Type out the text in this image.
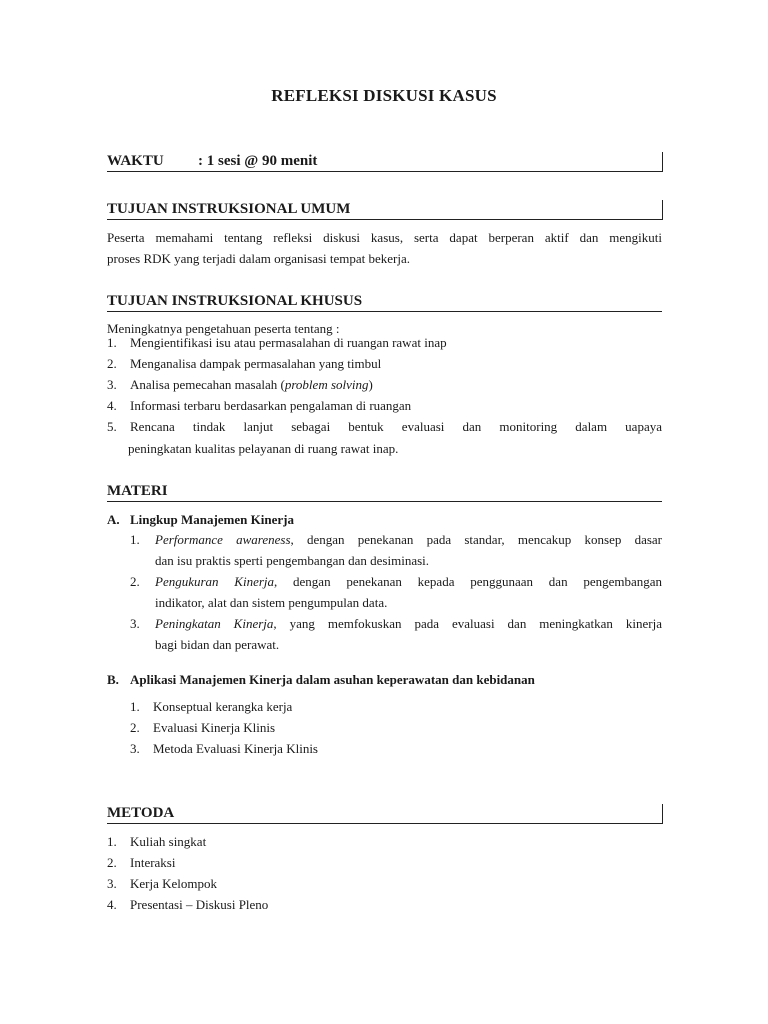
REFLEKSI DISKUSI KASUS
WAKTU : 1 sesi @ 90 menit
TUJUAN INSTRUKSIONAL UMUM
Peserta memahami tentang refleksi diskusi kasus, serta dapat berperan aktif dan mengikuti
proses RDK yang terjadi dalam organisasi tempat bekerja.
TUJUAN INSTRUKSIONAL KHUSUS
Meningkatnya pengetahuan peserta tentang :
1. Mengientifikasi isu atau permasalahan di ruangan rawat inap
2. Menganalisa dampak permasalahan yang timbul
3. Analisa pemecahan masalah (problem solving)
4. Informasi terbaru berdasarkan pengalaman di ruangan
5. Rencana tindak lanjut sebagai bentuk evaluasi dan monitoring dalam uapaya
peningkatan kualitas pelayanan di ruang rawat inap.
MATERI
A. Lingkup Manajemen Kinerja
1. Performance awareness, dengan penekanan pada standar, mencakup konsep dasar
dan isu praktis sperti pengembangan dan desiminasi.
2. Pengukuran Kinerja, dengan penekanan kepada penggunaan dan pengembangan
indikator, alat dan sistem pengumpulan data.
3. Peningkatan Kinerja, yang memfokuskan pada evaluasi dan meningkatkan kinerja
bagi bidan dan perawat.
B. Aplikasi Manajemen Kinerja dalam asuhan keperawatan dan kebidanan
1. Konseptual kerangka kerja
2. Evaluasi Kinerja Klinis
3. Metoda Evaluasi Kinerja Klinis
METODA
1. Kuliah singkat
2. Interaksi
3. Kerja Kelompok
4. Presentasi – Diskusi Pleno
